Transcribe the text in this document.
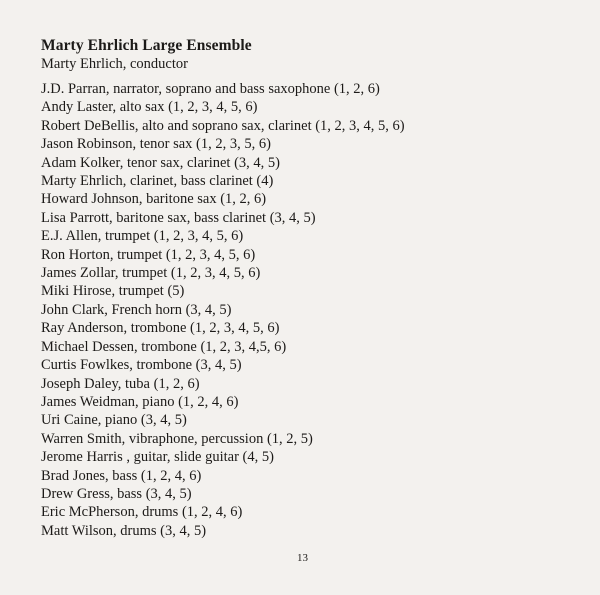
Marty Ehrlich Large Ensemble
Marty Ehrlich, conductor
J.D. Parran, narrator, soprano and bass saxophone (1, 2, 6)
Andy Laster, alto sax (1, 2, 3, 4, 5, 6)
Robert DeBellis, alto and soprano sax, clarinet (1, 2, 3, 4, 5, 6)
Jason Robinson, tenor sax (1, 2, 3, 5, 6)
Adam Kolker, tenor sax, clarinet (3, 4, 5)
Marty Ehrlich, clarinet, bass clarinet (4)
Howard Johnson, baritone sax (1, 2, 6)
Lisa Parrott, baritone sax, bass clarinet (3, 4, 5)
E.J. Allen, trumpet (1, 2, 3, 4, 5, 6)
Ron Horton, trumpet (1, 2, 3, 4, 5, 6)
James Zollar, trumpet (1, 2, 3, 4, 5, 6)
Miki Hirose, trumpet (5)
John Clark, French horn (3, 4, 5)
Ray Anderson, trombone (1, 2, 3, 4, 5, 6)
Michael Dessen, trombone (1, 2, 3, 4,5, 6)
Curtis Fowlkes, trombone (3, 4, 5)
Joseph Daley, tuba (1, 2, 6)
James Weidman, piano (1, 2, 4, 6)
Uri Caine, piano (3, 4, 5)
Warren Smith, vibraphone, percussion (1, 2, 5)
Jerome Harris , guitar, slide guitar (4, 5)
Brad Jones, bass (1, 2, 4, 6)
Drew Gress, bass (3, 4, 5)
Eric McPherson, drums (1, 2, 4, 6)
Matt Wilson, drums (3, 4, 5)
13
